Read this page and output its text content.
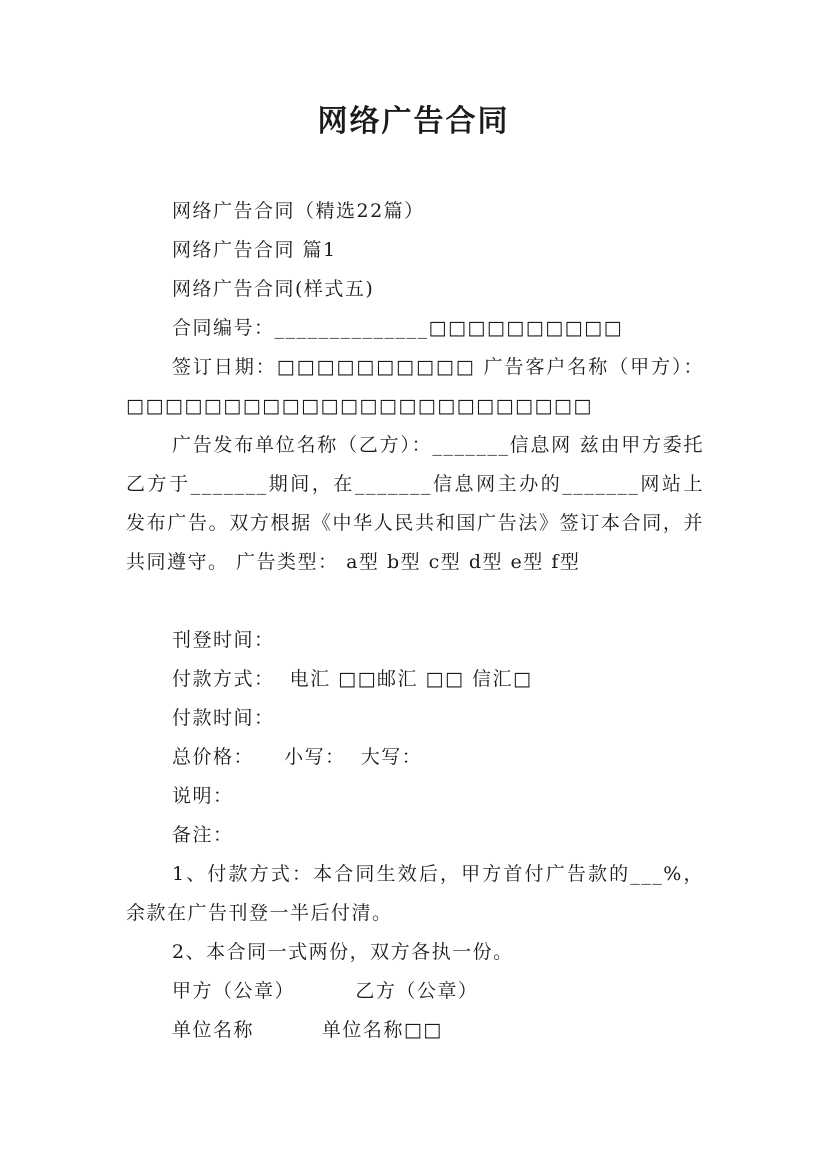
网络广告合同
网络广告合同（精选22篇）
网络广告合同 篇1
网络广告合同(样式五)
合同编号：______________□□□□□□□□□□
签订日期：□□□□□□□□□□ 广告客户名称（甲方）：□□□□□□□□□□□□□□□□□□□□□□□□
广告发布单位名称（乙方）：_______信息网 兹由甲方委托乙方于_______期间，在_______信息网主办的_______网站上发布广告。双方根据《中华人民共和国广告法》签订本合同，并共同遵守。 广告类型： a型 b型 c型 d型 e型 f型
刊登时间：
付款方式：  电汇 □□邮汇 □□ 信汇□
付款时间：
总价格：    小写：  大写：
说明：
备注：
1、付款方式：本合同生效后，甲方首付广告款的___%，余款在广告刊登一半后付清。
2、本合同一式两份，双方各执一份。
甲方（公章）        乙方（公章）
单位名称         单位名称□□
